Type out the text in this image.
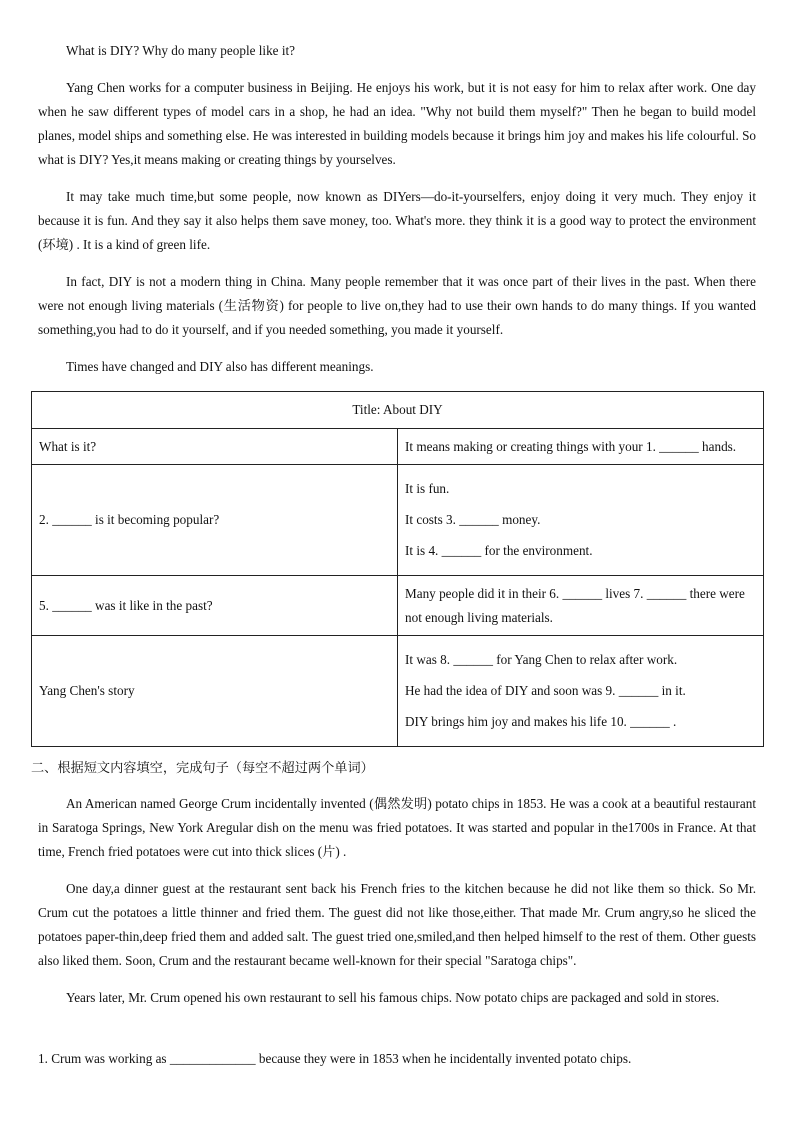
What is DIY? Why do many people like it?
Yang Chen works for a computer business in Beijing. He enjoys his work, but it is not easy for him to relax after work. One day when he saw different types of model cars in a shop, he had an idea. "Why not build them myself?" Then he began to build model planes, model ships and something else. He was interested in building models because it brings him joy and makes his life colourful. So what is DIY? Yes,it means making or creating things by yourselves.
It may take much time,but some people, now known as DIYers—do-it-yourselfers, enjoy doing it very much. They enjoy it because it is fun. And they say it also helps them save money, too. What's more. they think it is a good way to protect the environment (环境) . It is a kind of green life.
In fact, DIY is not a modern thing in China. Many people remember that it was once part of their lives in the past. When there were not enough living materials (生活物资) for people to live on,they had to use their own hands to do many things. If you wanted something,you had to do it yourself, and if you needed something, you made it yourself.
Times have changed and DIY also has different meanings.
Title: About DIY	
What is it?	It means making or creating things with your 1. ______ hands.

2. ______ is it becoming popular?	It is fun.
It costs 3. ______ money.
It is 4. ______ for the environment.

5. ______ was it like in the past?	Many people did it in their 6. ______ lives 7. ______ there were not enough living materials.
Yang Chen's story	It was 8. ______ for Yang Chen to relax after work.
He had the idea of DIY and soon was 9. ______ in it.
DIY brings him joy and makes his life 10. ______ .
二、根据短文内容填空，完成句子（每空不超过两个单词）
An American named George Crum incidentally invented (偶然发明) potato chips in 1853. He was a cook at a beautiful restaurant in Saratoga Springs, New York Aregular dish on the menu was fried potatoes. It was started and popular in the1700s in France. At that time, French fried potatoes were cut into thick slices (片) .
One day,a dinner guest at the restaurant sent back his French fries to the kitchen because he did not like them so thick. So Mr. Crum cut the potatoes a little thinner and fried them. The guest did not like those,either. That made Mr. Crum angry,so he sliced the potatoes paper-thin,deep fried them and added salt. The guest tried one,smiled,and then helped himself to the rest of them. Other guests also liked them. Soon, Crum and the restaurant became well-known for their special "Saratoga chips".
Years later, Mr. Crum opened his own restaurant to sell his famous chips. Now potato chips are packaged and sold in stores.
1. Crum was working as _____________ because they were in 1853 when he incidentally invented potato chips.
